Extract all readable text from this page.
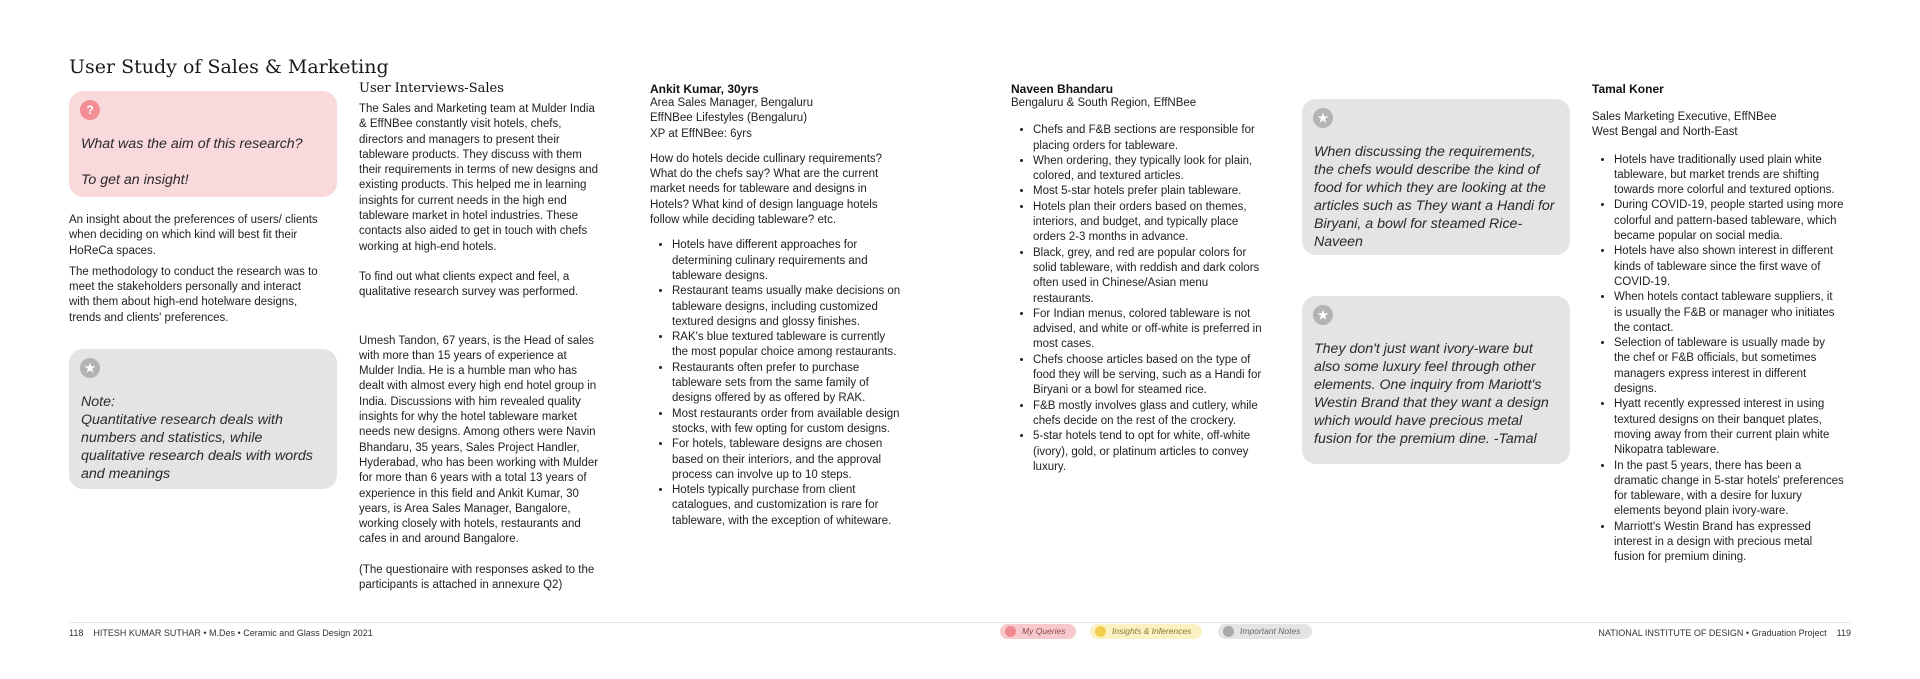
User Study of Sales & Marketing
?

What was the aim of this research?

To get an insight!

An insight about the preferences of users/ clients when deciding on which kind will best fit their HoReCa spaces.

The methodology to conduct the research was to meet the stakeholders personally and interact with them about high-end hotelware designs, trends and clients' preferences.

★

Note:
Quantitative research deals with numbers and statistics, while qualitative research deals with words and meanings

User Interviews-Sales

The Sales and Marketing team at Mulder India & EffNBee constantly visit hotels, chefs, directors and managers to present their tableware products. They discuss with them their requirements in terms of new designs and existing products. This helped me in learning insights for current needs in the high end tableware market in hotel industries. These contacts also aided to get in touch with chefs working at high-end hotels.

To find out what clients expect and feel, a qualitative research survey was performed.

Umesh Tandon, 67 years, is the Head of sales with more than 15 years of experience at Mulder India. He is a humble man who has dealt with almost every high end hotel group in India. Discussions with him revealed quality insights for why the hotel tableware market needs new designs. Among others were Navin Bhandaru, 35 years, Sales Project Handler, Hyderabad, who has been working with Mulder for more than 6 years with a total 13 years of experience in this field and Ankit Kumar, 30 years, is Area Sales Manager, Bangalore, working closely with hotels, restaurants and cafes in and around Bangalore.

(The questionaire with responses asked to the participants is attached in annexure Q2)

Ankit Kumar, 30yrs

Area Sales Manager, Bengaluru

EffNBee Lifestyles (Bengaluru)

XP at EffNBee: 6yrs

How do hotels decide cullinary requirements? What do the chefs say? What are the current market needs for tableware and designs in Hotels? What kind of design language hotels follow while deciding tableware? etc.

• Hotels have different approaches for determining culinary requirements and tableware designs.
• Restaurant teams usually make decisions on tableware designs, including customized textured designs and glossy finishes.
• RAK's blue textured tableware is currently the most popular choice among restaurants.
• Restaurants often prefer to purchase tableware sets from the same family of designs offered by as offered by RAK.
• Most restaurants order from available design stocks, with few opting for custom designs.
• For hotels, tableware designs are chosen based on their interiors, and the approval process can involve up to 10 steps.
• Hotels typically purchase from client catalogues, and customization is rare for tableware, with the exception of whiteware.

Naveen Bhandaru

Bengaluru & South Region, EffNBee

• Chefs and F&B sections are responsible for placing orders for tableware.
• When ordering, they typically look for plain, colored, and textured articles.
• Most 5-star hotels prefer plain tableware.
• Hotels plan their orders based on themes, interiors, and budget, and typically place orders 2-3 months in advance.
• Black, grey, and red are popular colors for solid tableware, with reddish and dark colors often used in Chinese/Asian menu restaurants.
• For Indian menus, colored tableware is not advised, and white or off-white is preferred in most cases.
• Chefs choose articles based on the type of food they will be serving, such as a Handi for Biryani or a bowl for steamed rice.
• F&B mostly involves glass and cutlery, while chefs decide on the rest of the crockery.
• 5-star hotels tend to opt for white, off-white (ivory), gold, or platinum articles to convey luxury.
★

When discussing the requirements, the chefs would describe the kind of food for which they are looking at the articles such as They want a Handi for Biryani, a bowl for steamed Rice- Naveen

★

They don't just want ivory-ware but also some luxury feel through other elements. One inquiry from Mariott's Westin Brand that they want a design which would have precious metal fusion for the premium dine. -Tamal

Tamal Koner

Sales Marketing Executive, EffNBee

West Bengal and North-East

• Hotels have traditionally used plain white tableware, but market trends are shifting towards more colorful and textured options.
• During COVID-19, people started using more colorful and pattern-based tableware, which became popular on social media.
• Hotels have also shown interest in different kinds of tableware since the first wave of COVID-19.
• When hotels contact tableware suppliers, it is usually the F&B or manager who initiates the contact.
• Selection of tableware is usually made by the chef or F&B officials, but sometimes managers express interest in different designs.
• Hyatt recently expressed interest in using textured designs on their banquet plates, moving away from their current plain white Nikopatra tableware.
• In the past 5 years, there has been a dramatic change in 5-star hotels' preferences for tableware, with a desire for luxury elements beyond plain ivory-ware.
• Marriott's Westin Brand has expressed interest in a design with precious metal fusion for premium dining.
118 HITESH KUMAR SUTHAR • M.Des • Ceramic and Glass Design 2021	My Queries	Insights & Inferences	Important Notes	NATIONAL INSTITUTE OF DESIGN • Graduation Project 119
